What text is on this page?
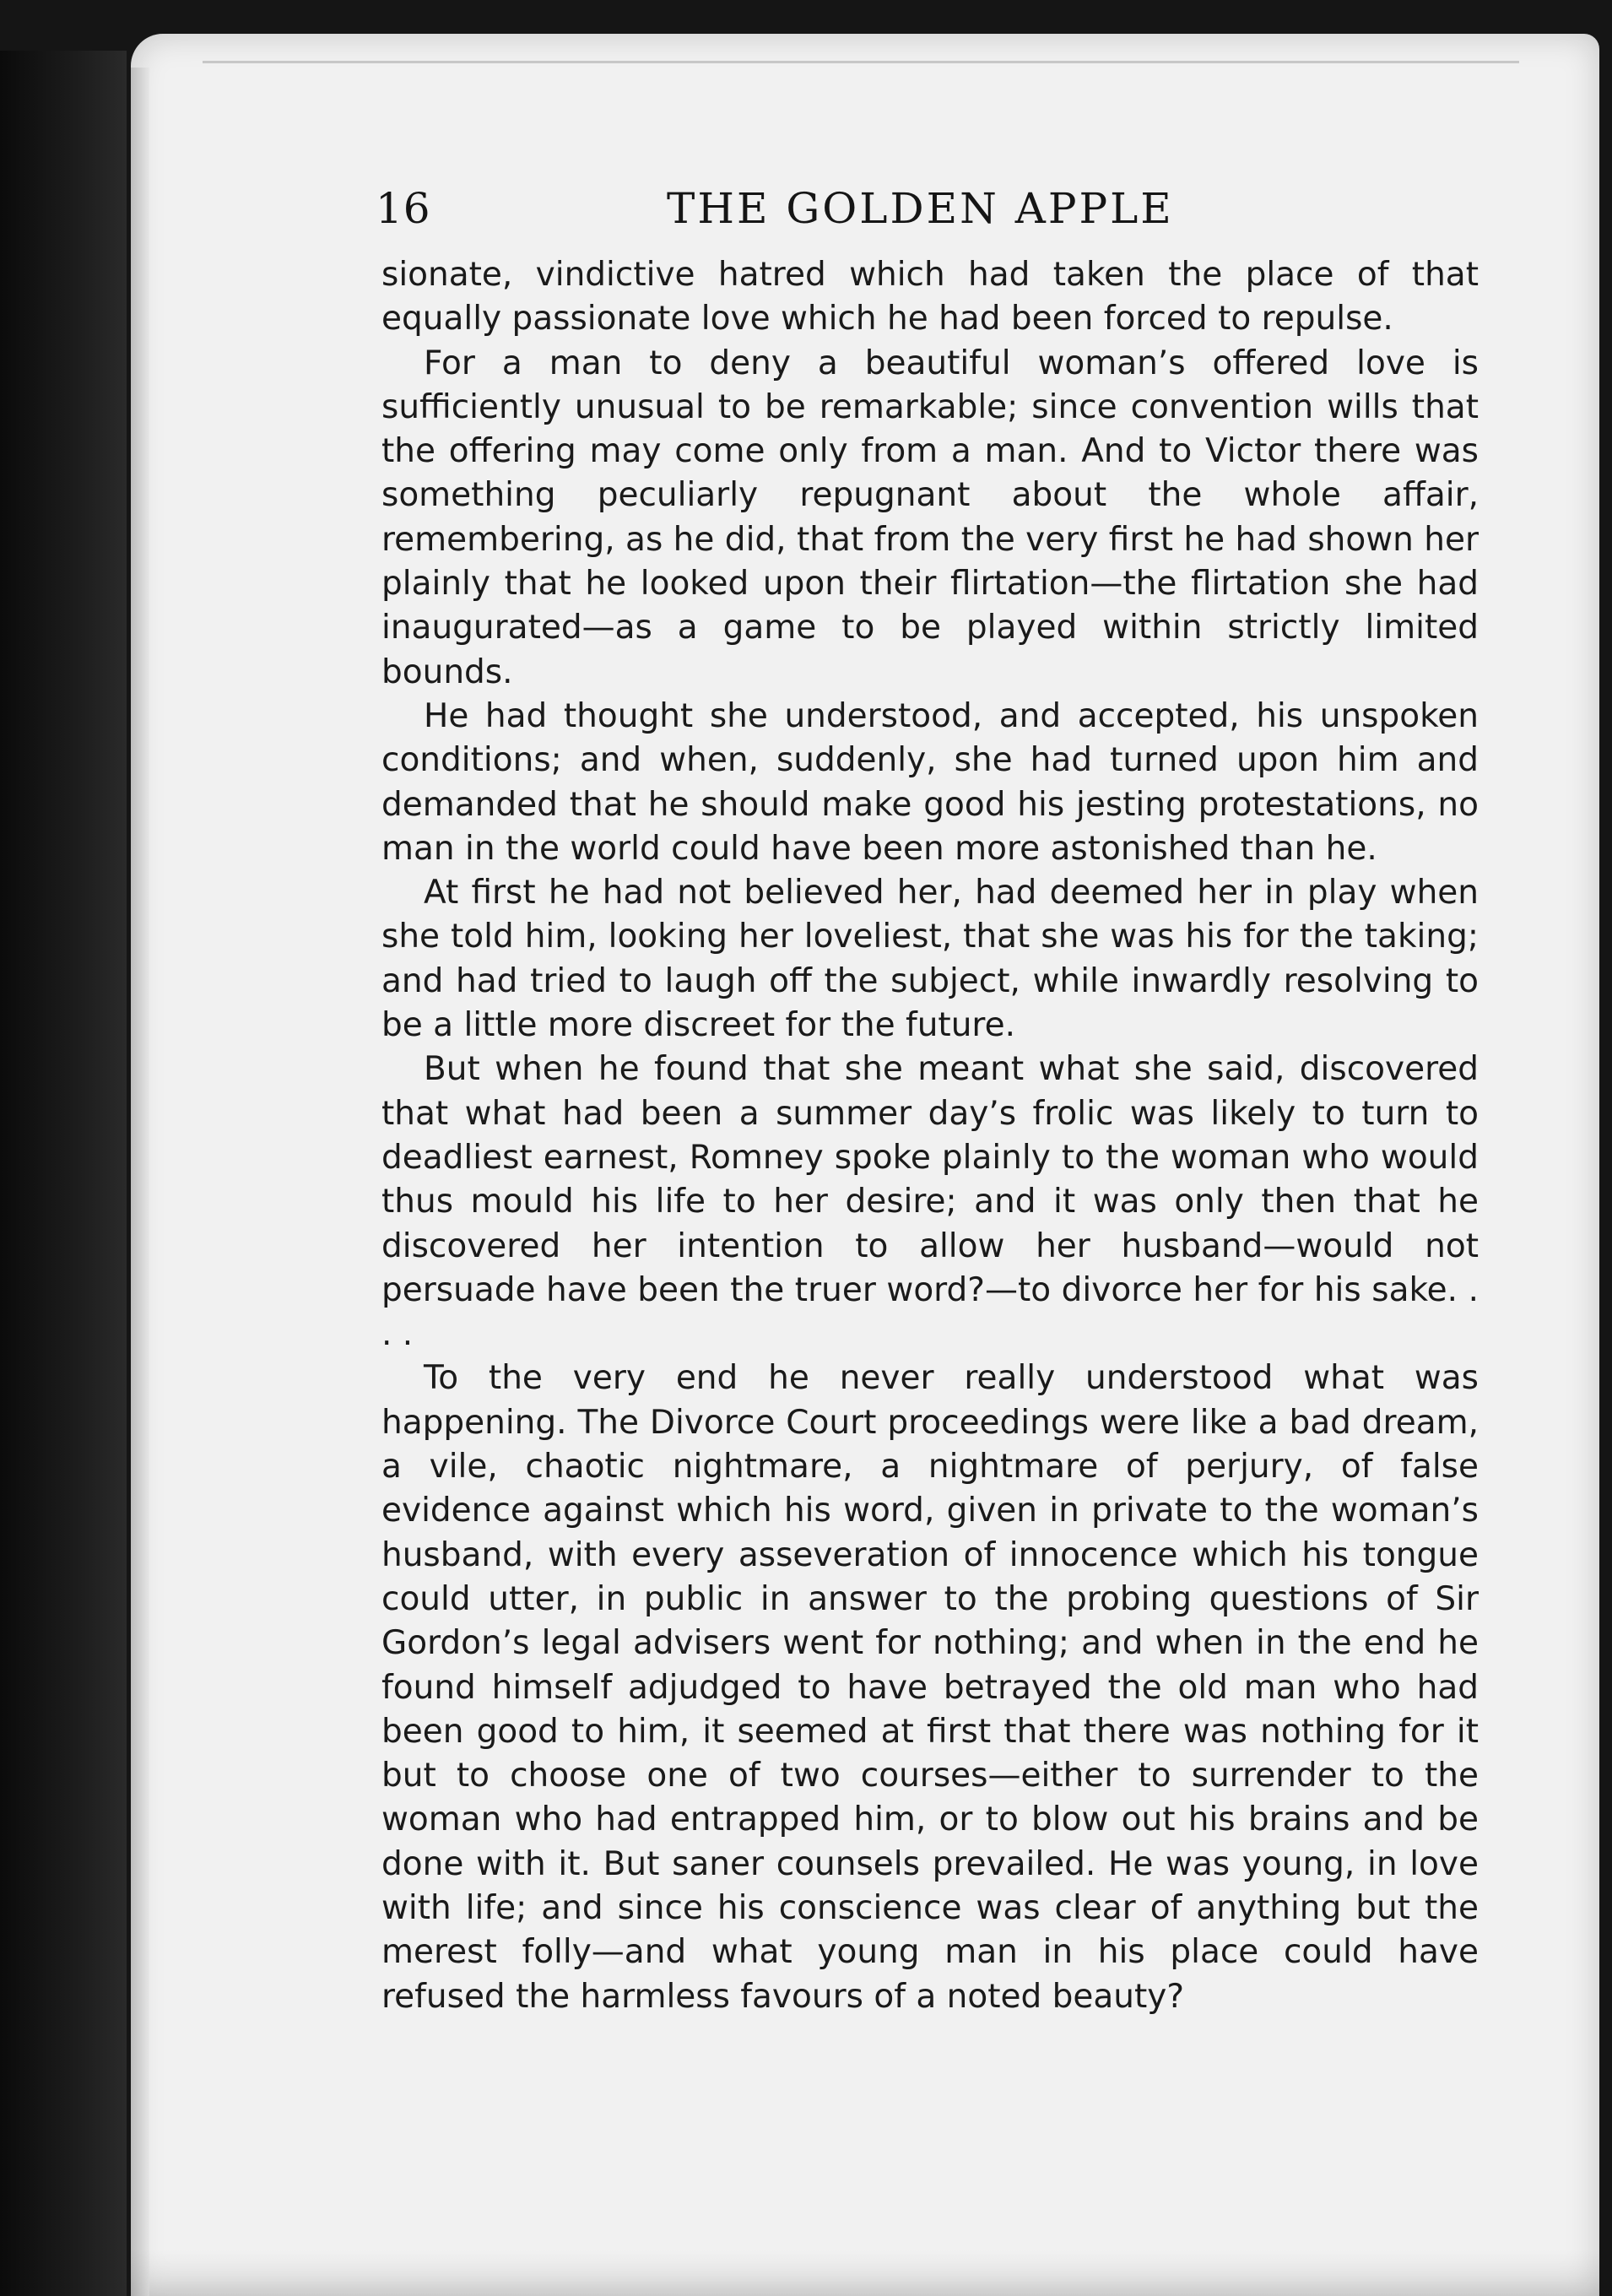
16	THE GOLDEN APPLE

sionate, vindictive hatred which had taken the place of that equally passionate love which he had been forced to repulse.

For a man to deny a beautiful woman’s offered love is sufficiently unusual to be remarkable; since convention wills that the offering may come only from a man. And to Victor there was something peculiarly repugnant about the whole affair, remembering, as he did, that from the very first he had shown her plainly that he looked upon their flirtation—the flirtation she had inaugurated—as a game to be played within strictly limited bounds.

He had thought she understood, and accepted, his unspoken conditions; and when, suddenly, she had turned upon him and demanded that he should make good his jesting protestations, no man in the world could have been more astonished than he.

At first he had not believed her, had deemed her in play when she told him, looking her loveliest, that she was his for the taking; and had tried to laugh off the subject, while inwardly resolving to be a little more discreet for the future.

But when he found that she meant what she said, discovered that what had been a summer day’s frolic was likely to turn to deadliest earnest, Romney spoke plainly to the woman who would thus mould his life to her desire; and it was only then that he discovered her intention to allow her husband—would not persuade have been the truer word?—to divorce her for his sake. . . .

To the very end he never really understood what was happening. The Divorce Court proceedings were like a bad dream, a vile, chaotic nightmare, a nightmare of perjury, of false evidence against which his word, given in private to the woman’s husband, with every asseveration of innocence which his tongue could utter, in public in answer to the probing questions of Sir Gordon’s legal advisers went for nothing; and when in the end he found himself adjudged to have betrayed the old man who had been good to him, it seemed at first that there was nothing for it but to choose one of two courses—either to surrender to the woman who had entrapped him, or to blow out his brains and be done with it. But saner counsels prevailed. He was young, in love with life; and since his conscience was clear of anything but the merest folly—and what young man in his place could have refused the harmless favours of a noted beauty?
